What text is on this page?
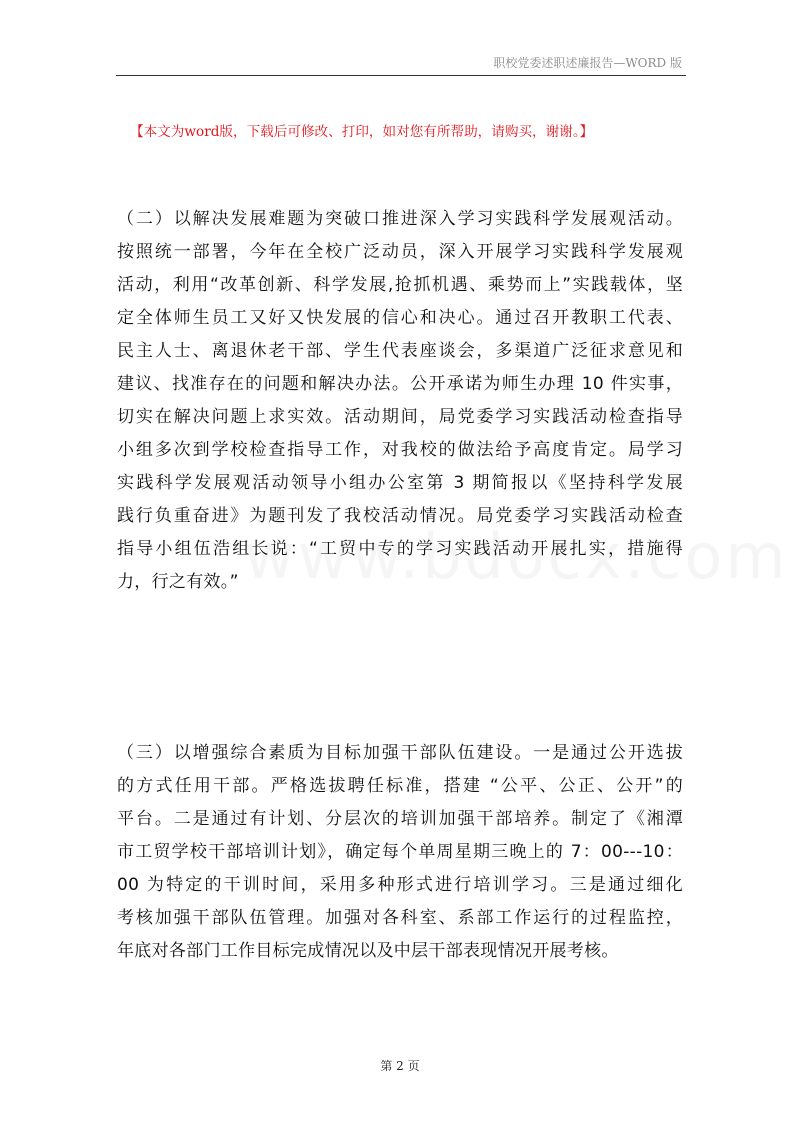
职校党委述职述廉报告—WORD 版
【本文为word版，下载后可修改、打印，如对您有所帮助，请购买，谢谢。】
（二）以解决发展难题为突破口推进深入学习实践科学发展观活动。
按照统一部署，今年在全校广泛动员，深入开展学习实践科学发展观
活动，利用“改革创新、科学发展,抢抓机遇、乘势而上”实践载体，坚
定全体师生员工又好又快发展的信心和决心。通过召开教职工代表、
民主人士、离退休老干部、学生代表座谈会，多渠道广泛征求意见和
建议、找准存在的问题和解决办法。公开承诺为师生办理 10 件实事，
切实在解决问题上求实效。活动期间，局党委学习实践活动检查指导
小组多次到学校检查指导工作，对我校的做法给予高度肯定。局学习
实践科学发展观活动领导小组办公室第 3 期简报以《坚持科学发展
践行负重奋进》为题刊发了我校活动情况。局党委学习实践活动检查
指导小组伍浩组长说：“工贸中专的学习实践活动开展扎实，措施得
力，行之有效。”
（三）以增强综合素质为目标加强干部队伍建设。一是通过公开选拔
的方式任用干部。严格选拔聘任标准，搭建 “公平、公正、公开”的
平台。二是通过有计划、分层次的培训加强干部培养。制定了《湘潭
市工贸学校干部培训计划》，确定每个单周星期三晚上的 7：00---10：
00 为特定的干训时间，采用多种形式进行培训学习。三是通过细化
考核加强干部队伍管理。加强对各科室、系部工作运行的过程监控，
年底对各部门工作目标完成情况以及中层干部表现情况开展考核。
第 2 页
